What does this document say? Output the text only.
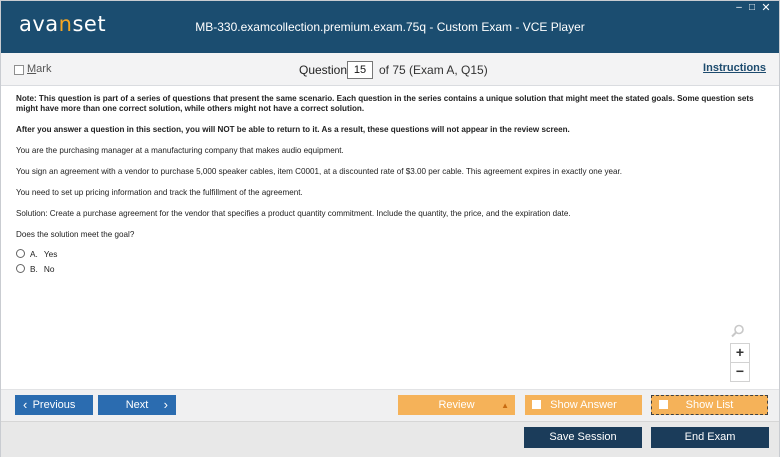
avanset	MB-330.examcollection.premium.exam.75q - Custom Exam - VCE Player
– □ ✕
Mark	Question 15	of 75 (Exam A, Q15)	Instructions

Note: This question is part of a series of questions that present the same scenario. Each question in the series contains a unique solution that might meet the stated goals. Some question sets might have more than one correct solution, while others might not have a correct solution.

After you answer a question in this section, you will NOT be able to return to it. As a result, these questions will not appear in the review screen.

You are the purchasing manager at a manufacturing company that makes audio equipment.

You sign an agreement with a vendor to purchase 5,000 speaker cables, item C0001, at a discounted rate of $3.00 per cable. This agreement expires in exactly one year.

You need to set up pricing information and track the fulfillment of the agreement.

Solution: Create a purchase agreement for the vendor that specifies a product quantity commitment. Include the quantity, the price, and the expiration date.

Does the solution meet the goal?

A. Yes
B. No
+
−
‹ Previous	Next ›	Review	▲	Show Answer	Show List
Save Session	End Exam
